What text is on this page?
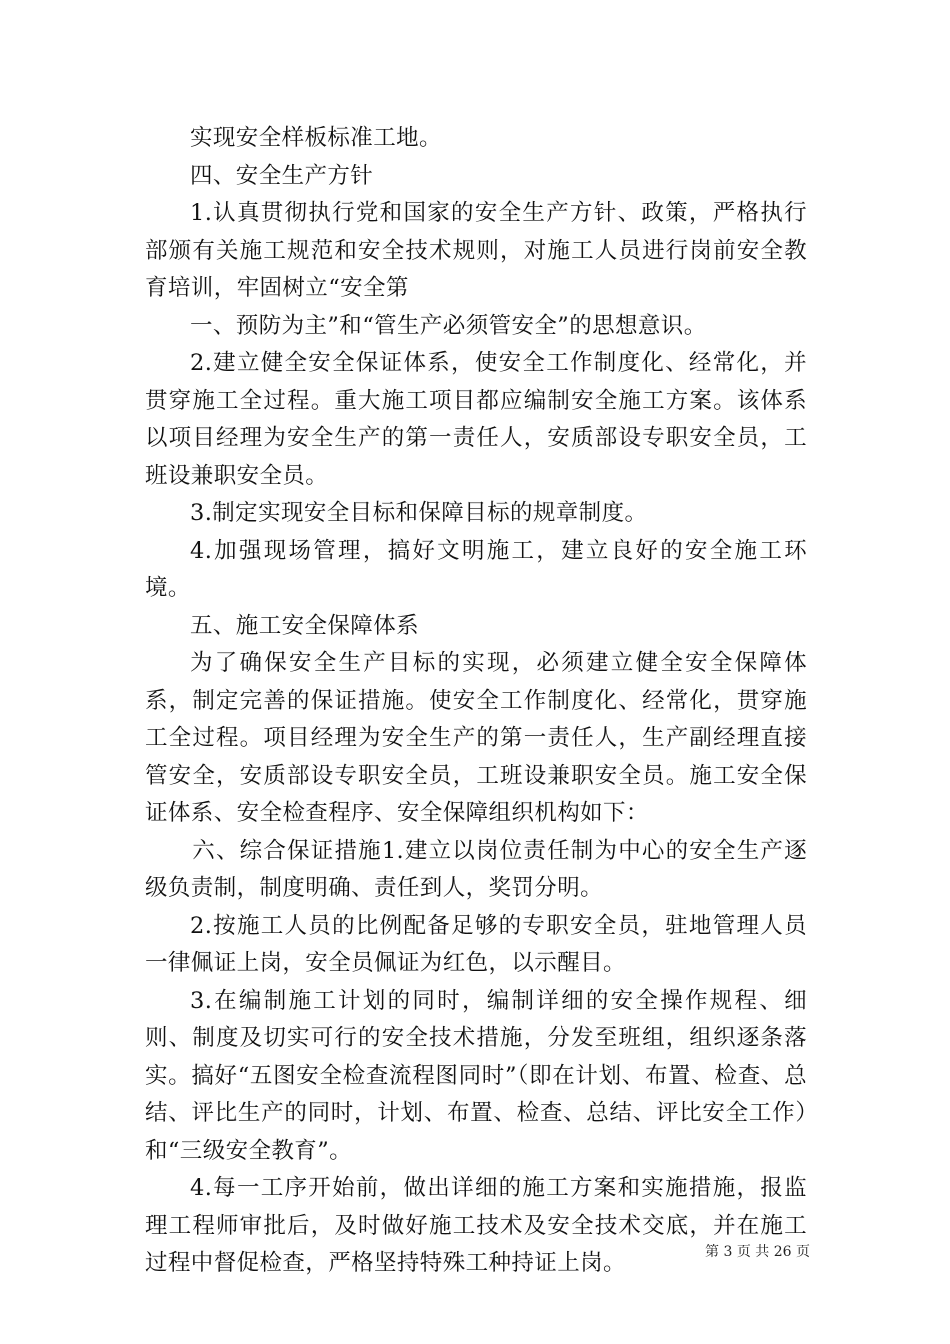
实现安全样板标准工地。

四、安全生产方针

1.认真贯彻执行党和国家的安全生产方针、政策，严格执行部颁有关施工规范和安全技术规则，对施工人员进行岗前安全教育培训，牢固树立“安全第

一、预防为主”和“管生产必须管安全”的思想意识。

2.建立健全安全保证体系，使安全工作制度化、经常化，并贯穿施工全过程。重大施工项目都应编制安全施工方案。该体系以项目经理为安全生产的第一责任人，安质部设专职安全员，工班设兼职安全员。

3.制定实现安全目标和保障目标的规章制度。

4.加强现场管理，搞好文明施工，建立良好的安全施工环境。

五、施工安全保障体系

为了确保安全生产目标的实现，必须建立健全安全保障体系，制定完善的保证措施。使安全工作制度化、经常化，贯穿施工全过程。项目经理为安全生产的第一责任人，生产副经理直接管安全，安质部设专职安全员，工班设兼职安全员。施工安全保证体系、安全检查程序、安全保障组织机构如下：

六、综合保证措施1.建立以岗位责任制为中心的安全生产逐级负责制，制度明确、责任到人，奖罚分明。

2.按施工人员的比例配备足够的专职安全员，驻地管理人员一律佩证上岗，安全员佩证为红色，以示醒目。

3.在编制施工计划的同时，编制详细的安全操作规程、细则、制度及切实可行的安全技术措施，分发至班组，组织逐条落实。搞好“五图安全检查流程图同时”（即在计划、布置、检查、总结、评比生产的同时，计划、布置、检查、总结、评比安全工作）和“三级安全教育”。

4.每一工序开始前，做出详细的施工方案和实施措施，报监理工程师审批后，及时做好施工技术及安全技术交底，并在施工过程中督促检查，严格坚持特殊工种持证上岗。	第 3 页 共 26 页
